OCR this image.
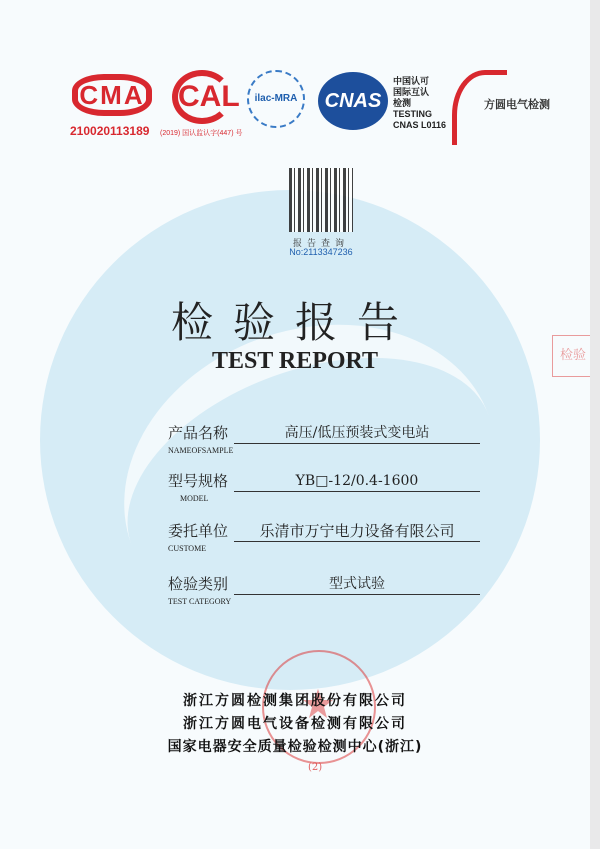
CMA
210020113189
CAL
(2019) 国认监认字(447) 号
ilac-MRA	CNAS
中国认可
国际互认
检测
TESTING
CNAS L0116
方圆电气检测
报告查询
No:2113347236
检验报告
TEST REPORT
产品名称
NAMEOFSAMPLE
高压/低压预装式变电站
型号规格
MODEL
YB□-12/0.4-1600
委托单位
CUSTOME
乐清市万宁电力设备有限公司
检验类别
TEST CATEGORY
型式试验
(2)
浙江方圆检测集团股份有限公司
浙江方圆电气设备检测有限公司
国家电器安全质量检验检测中心(浙江)
检验
